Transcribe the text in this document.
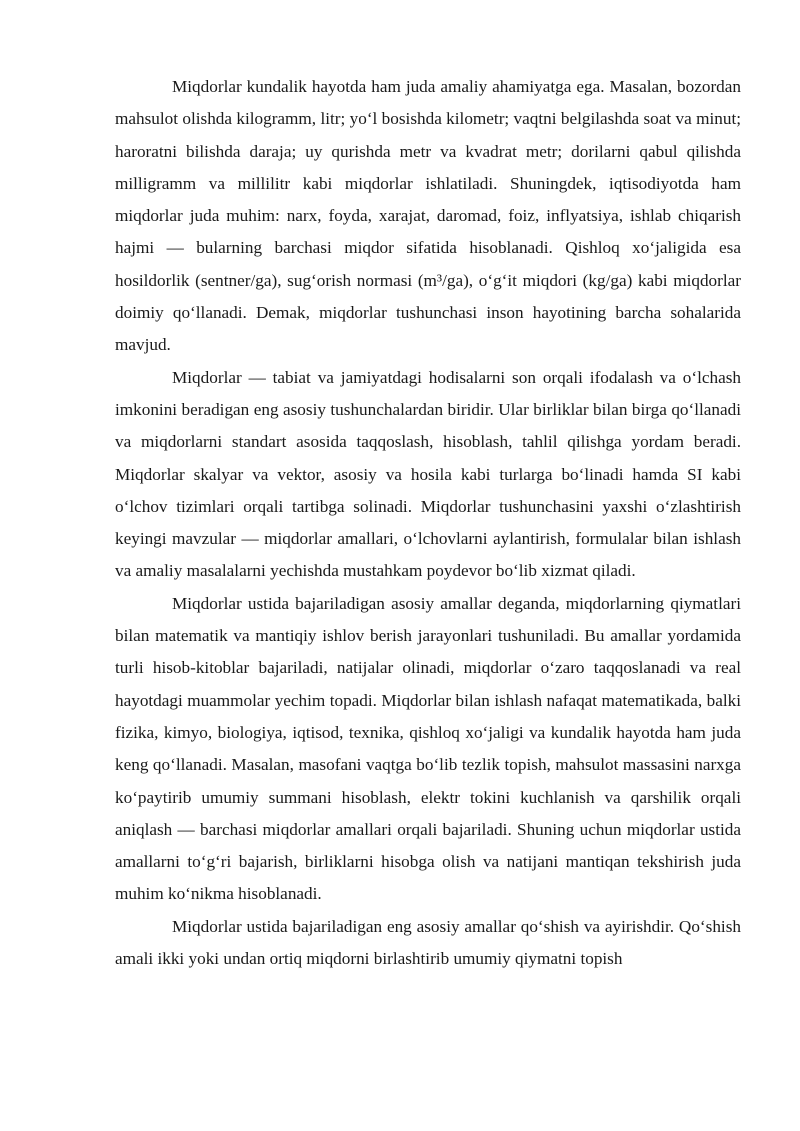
Miqdorlar kundalik hayotda ham juda amaliy ahamiyatga ega. Masalan, bozordan mahsulot olishda kilogramm, litr; yo‘l bosishda kilometr; vaqtni belgilashda soat va minut; haroratni bilishda daraja; uy qurishda metr va kvadrat metr; dorilarni qabul qilishda milligramm va millilitr kabi miqdorlar ishlatiladi. Shuningdek, iqtisodiyotda ham miqdorlar juda muhim: narx, foyda, xarajat, daromad, foiz, inflyatsiya, ishlab chiqarish hajmi — bularning barchasi miqdor sifatida hisoblanadi. Qishloq xo‘jaligida esa hosildorlik (sentner/ga), sug‘orish normasi (m³/ga), o‘g‘it miqdori (kg/ga) kabi miqdorlar doimiy qo‘llanadi. Demak, miqdorlar tushunchasi inson hayotining barcha sohalarida mavjud.

Miqdorlar — tabiat va jamiyatdagi hodisalarni son orqali ifodalash va o‘lchash imkonini beradigan eng asosiy tushunchalardan biridir. Ular birliklar bilan birga qo‘llanadi va miqdorlarni standart asosida taqqoslash, hisoblash, tahlil qilishga yordam beradi. Miqdorlar skalyar va vektor, asosiy va hosila kabi turlarga bo‘linadi hamda SI kabi o‘lchov tizimlari orqali tartibga solinadi. Miqdorlar tushunchasini yaxshi o‘zlashtirish keyingi mavzular — miqdorlar amallari, o‘lchovlarni aylantirish, formulalar bilan ishlash va amaliy masalalarni yechishda mustahkam poydevor bo‘lib xizmat qiladi.

Miqdorlar ustida bajariladigan asosiy amallar deganda, miqdorlarning qiymatlari bilan matematik va mantiqiy ishlov berish jarayonlari tushuniladi. Bu amallar yordamida turli hisob-kitoblar bajariladi, natijalar olinadi, miqdorlar o‘zaro taqqoslanadi va real hayotdagi muammolar yechim topadi. Miqdorlar bilan ishlash nafaqat matematikada, balki fizika, kimyo, biologiya, iqtisod, texnika, qishloq xo‘jaligi va kundalik hayotda ham juda keng qo‘llanadi. Masalan, masofani vaqtga bo‘lib tezlik topish, mahsulot massasini narxga ko‘paytirib umumiy summani hisoblash, elektr tokini kuchlanish va qarshilik orqali aniqlash — barchasi miqdorlar amallari orqali bajariladi. Shuning uchun miqdorlar ustida amallarni to‘g‘ri bajarish, birliklarni hisobga olish va natijani mantiqan tekshirish juda muhim ko‘nikma hisoblanadi.

Miqdorlar ustida bajariladigan eng asosiy amallar qo‘shish va ayirishdir. Qo‘shish amali ikki yoki undan ortiq miqdorni birlashtirib umumiy qiymatni topish
